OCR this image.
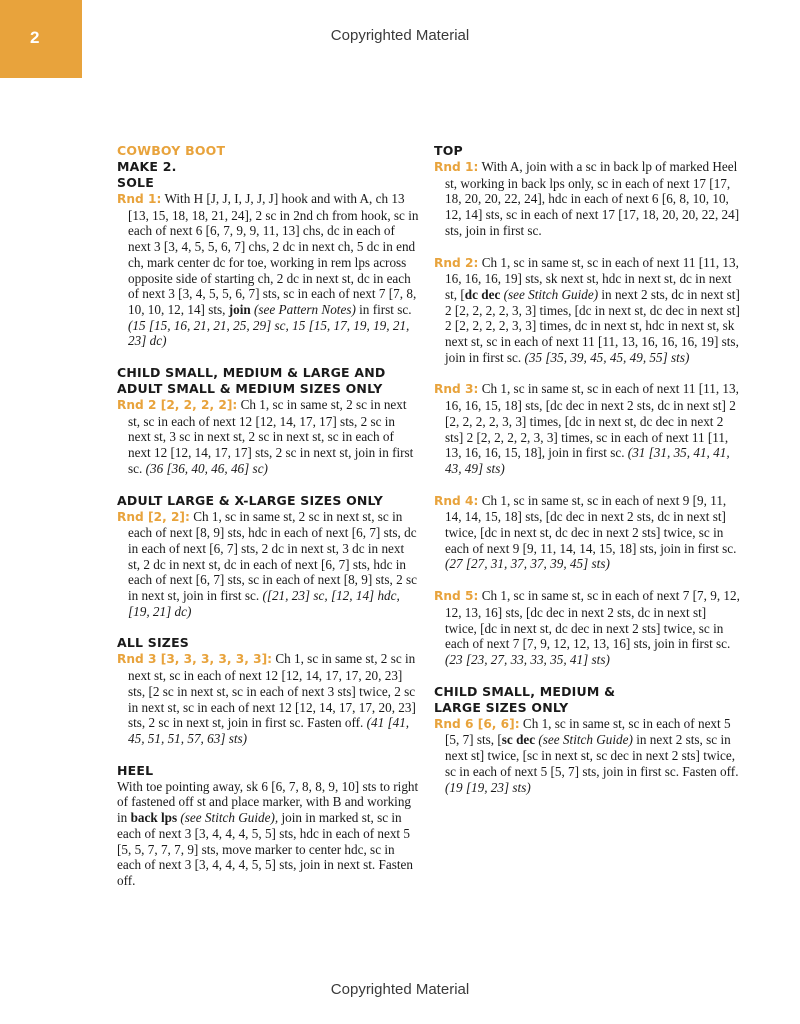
2	Copyrighted Material
COWBOY BOOT
MAKE 2.
SOLE

Rnd 1: With H [J, J, I, J, J, J] hook and with A, ch 13 [13, 15, 18, 18, 21, 24], 2 sc in 2nd ch from hook, sc in each of next 6 [6, 7, 9, 9, 11, 13] chs, dc in each of next 3 [3, 4, 5, 5, 6, 7] chs, 2 dc in next ch, 5 dc in end ch, mark center dc for toe, working in rem lps across opposite side of starting ch, 2 dc in next st, dc in each of next 3 [3, 4, 5, 5, 6, 7] sts, sc in each of next 7 [7, 8, 10, 10, 12, 14] sts, join (see Pattern Notes) in first sc. (15 [15, 16, 21, 21, 25, 29] sc, 15 [15, 17, 19, 19, 21, 23] dc)

CHILD SMALL, MEDIUM & LARGE AND
ADULT SMALL & MEDIUM SIZES ONLY

Rnd 2 [2, 2, 2, 2]: Ch 1, sc in same st, 2 sc in next st, sc in each of next 12 [12, 14, 17, 17] sts, 2 sc in next st, 3 sc in next st, 2 sc in next st, sc in each of next 12 [12, 14, 17, 17] sts, 2 sc in next st, join in first sc. (36 [36, 40, 46, 46] sc)

ADULT LARGE & X-LARGE SIZES ONLY

Rnd [2, 2]: Ch 1, sc in same st, 2 sc in next st, sc in each of next [8, 9] sts, hdc in each of next [6, 7] sts, dc in each of next [6, 7] sts, 2 dc in next st, 3 dc in next st, 2 dc in next st, dc in each of next [6, 7] sts, hdc in each of next [6, 7] sts, sc in each of next [8, 9] sts, 2 sc in next st, join in first sc. ([21, 23] sc, [12, 14] hdc, [19, 21] dc)

ALL SIZES

Rnd 3 [3, 3, 3, 3, 3, 3]: Ch 1, sc in same st, 2 sc in next st, sc in each of next 12 [12, 14, 17, 17, 20, 23] sts, [2 sc in next st, sc in each of next 3 sts] twice, 2 sc in next st, sc in each of next 12 [12, 14, 17, 17, 20, 23] sts, 2 sc in next st, join in first sc. Fasten off. (41 [41, 45, 51, 51, 57, 63] sts)

HEEL

With toe pointing away, sk 6 [6, 7, 8, 8, 9, 10] sts to right of fastened off st and place marker, with B and working in back lps (see Stitch Guide), join in marked st, sc in each of next 3 [3, 4, 4, 4, 5, 5] sts, hdc in each of next 5 [5, 5, 7, 7, 7, 9] sts, move marker to center hdc, sc in each of next 3 [3, 4, 4, 4, 5, 5] sts, join in next st. Fasten off.

TOP

Rnd 1: With A, join with a sc in back lp of marked Heel st, working in back lps only, sc in each of next 17 [17, 18, 20, 20, 22, 24], hdc in each of next 6 [6, 8, 10, 10, 12, 14] sts, sc in each of next 17 [17, 18, 20, 20, 22, 24] sts, join in first sc.

Rnd 2: Ch 1, sc in same st, sc in each of next 11 [11, 13, 16, 16, 16, 19] sts, sk next st, hdc in next st, dc in next st, [dc dec (see Stitch Guide) in next 2 sts, dc in next st] 2 [2, 2, 2, 2, 3, 3] times, [dc in next st, dc dec in next st] 2 [2, 2, 2, 2, 3, 3] times, dc in next st, hdc in next st, sk next st, sc in each of next 11 [11, 13, 16, 16, 16, 19] sts, join in first sc. (35 [35, 39, 45, 45, 49, 55] sts)

Rnd 3: Ch 1, sc in same st, sc in each of next 11 [11, 13, 16, 16, 15, 18] sts, [dc dec in next 2 sts, dc in next st] 2 [2, 2, 2, 2, 3, 3] times, [dc in next st, dc dec in next 2 sts] 2 [2, 2, 2, 2, 3, 3] times, sc in each of next 11 [11, 13, 16, 16, 15, 18], join in first sc. (31 [31, 35, 41, 41, 43, 49] sts)

Rnd 4: Ch 1, sc in same st, sc in each of next 9 [9, 11, 14, 14, 15, 18] sts, [dc dec in next 2 sts, dc in next st] twice, [dc in next st, dc dec in next 2 sts] twice, sc in each of next 9 [9, 11, 14, 14, 15, 18] sts, join in first sc. (27 [27, 31, 37, 37, 39, 45] sts)

Rnd 5: Ch 1, sc in same st, sc in each of next 7 [7, 9, 12, 12, 13, 16] sts, [dc dec in next 2 sts, dc in next st] twice, [dc in next st, dc dec in next 2 sts] twice, sc in each of next 7 [7, 9, 12, 12, 13, 16] sts, join in first sc. (23 [23, 27, 33, 33, 35, 41] sts)

CHILD SMALL, MEDIUM &
LARGE SIZES ONLY

Rnd 6 [6, 6]: Ch 1, sc in same st, sc in each of next 5 [5, 7] sts, [sc dec (see Stitch Guide) in next 2 sts, sc in next st] twice, [sc in next st, sc dec in next 2 sts] twice, sc in each of next 5 [5, 7] sts, join in first sc. Fasten off. (19 [19, 23] sts)

Copyrighted Material
